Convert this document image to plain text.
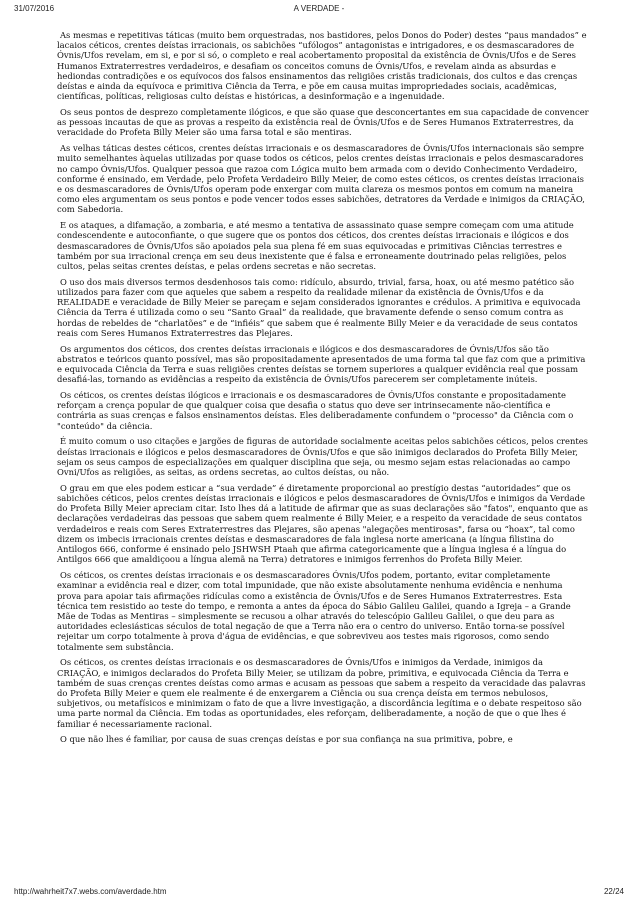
31/07/2016	A VERDADE -

As mesmas e repetitivas táticas (muito bem orquestradas, nos bastidores, pelos Donos do Poder) destes “paus mandados” e lacaios céticos, crentes deístas irracionais, os sabichões “ufólogos” antagonistas e intrigadores, e os desmascaradores de Óvnis/Ufos revelam, em si, e por si só, o completo e real acobertamento proposital da existência de Óvnis/Ufos e de Seres Humanos Extraterrestres verdadeiros, e desafiam os conceitos comuns de Óvnis/Ufos, e revelam ainda as absurdas e hediondas contradições e os equívocos dos falsos ensinamentos das religiões cristãs tradicionais, dos cultos e das crenças deístas e ainda da equívoca e primitiva Ciência da Terra, e põe em causa muitas impropriedades sociais, acadêmicas, científicas, políticas, religiosas culto deístas e históricas, a desinformação e a ingenuidade.

Os seus pontos de desprezo completamente ilógicos, e que são quase que desconcertantes em sua capacidade de convencer as pessoas incautas de que as provas a respeito da existência real de Óvnis/Ufos e de Seres Humanos Extraterrestres, da veracidade do Profeta Billy Meier são uma farsa total e são mentiras.

As velhas táticas destes céticos, crentes deístas irracionais e os desmascaradores de Óvnis/Ufos internacionais são sempre muito semelhantes àquelas utilizadas por quase todos os céticos, pelos crentes deístas irracionais e pelos desmascaradores no campo Óvnis/Ufos. Qualquer pessoa que razoa com Lógica muito bem armada com o devido Conhecimento Verdadeiro, conforme é ensinado, em Verdade, pelo Profeta Verdadeiro Billy Meier, de como estes céticos, os crentes deístas irracionais e os desmascaradores de Óvnis/Ufos operam pode enxergar com muita clareza os mesmos pontos em comum na maneira como eles argumentam os seus pontos e pode vencer todos esses sabichões, detratores da Verdade e inimigos da CRIAÇÃO, com Sabedoria.

E os ataques, a difamação, a zombaria, e até mesmo a tentativa de assassinato quase sempre começam com uma atitude condescendente e autoconfiante, o que sugere que os pontos dos céticos, dos crentes deístas irracionais e ilógicos e dos desmascaradores de Óvnis/Ufos são apoiados pela sua plena fé em suas equivocadas e primitivas Ciências terrestres e também por sua irracional crença em seu deus inexistente que é falsa e erroneamente doutrinado pelas religiões, pelos cultos, pelas seitas crentes deístas, e pelas ordens secretas e não secretas.

O uso dos mais diversos termos desdenhosos tais como: ridículo, absurdo, trivial, farsa, hoax, ou até mesmo patético são utilizados para fazer com que aqueles que sabem a respeito da realidade milenar da existência de Óvnis/Ufos e da REALIDADE e veracidade de Billy Meier se pareçam e sejam considerados ignorantes e crédulos. A primitiva e equivocada Ciência da Terra é utilizada como o seu “Santo Graal” da realidade, que bravamente defende o senso comum contra as hordas de rebeldes de “charlatões” e de “infiéis” que sabem que é realmente Billy Meier e da veracidade de seus contatos reais com Seres Humanos Extraterrestres das Plejares.

Os argumentos dos céticos, dos crentes deístas irracionais e ilógicos e dos desmascaradores de Óvnis/Ufos são tão abstratos e teóricos quanto possível, mas são propositadamente apresentados de uma forma tal que faz com que a primitiva e equivocada Ciência da Terra e suas religiões crentes deístas se tornem superiores a qualquer evidência real que possam desafiá-las, tornando as evidências a respeito da existência de Óvnis/Ufos parecerem ser completamente inúteis.

Os céticos, os crentes deístas ilógicos e irracionais e os desmascaradores de Óvnis/Ufos constante e propositadamente reforçam a crença popular de que qualquer coisa que desafia o status quo deve ser intrinsecamente não-científica e contrária as suas crenças e falsos ensinamentos deístas. Eles deliberadamente confundem o "processo" da Ciência com o "conteúdo" da ciência.

É muito comum o uso citações e jargões de figuras de autoridade socialmente aceitas pelos sabichões céticos, pelos crentes deístas irracionais e ilógicos e pelos desmascaradores de Óvnis/Ufos e que são inimigos declarados do Profeta Billy Meier, sejam os seus campos de especializações em qualquer disciplina que seja, ou mesmo sejam estas relacionadas ao campo Ovni/Ufos as religiões, as seitas, as ordens secretas, ao cultos deístas, ou não.

O grau em que eles podem esticar a “sua verdade” é diretamente proporcional ao prestígio destas “autoridades” que os sabichões céticos, pelos crentes deístas irracionais e ilógicos e pelos desmascaradores de Óvnis/Ufos e inimigos da Verdade do Profeta Billy Meier apreciam citar. Isto lhes dá a latitude de afirmar que as suas declarações são "fatos", enquanto que as declarações verdadeiras das pessoas que sabem quem realmente é Billy Meier, e a respeito da veracidade de seus contatos verdadeiros e reais com Seres Extraterrestres das Plejares, são apenas "alegações mentirosas", farsa ou “hoax”, tal como dizem os imbecis irracionais crentes deístas e desmascaradores de fala inglesa norte americana (a língua filistina do Antilogos 666, conforme é ensinado pelo JSHWSH Ptaah que afirma categoricamente que a língua inglesa é a língua do Antilgos 666 que amaldiçoou a língua alemã na Terra) detratores e inimigos ferrenhos do Profeta Billy Meier.

Os céticos, os crentes deístas irracionais e os desmascaradores Óvnis/Ufos podem, portanto, evitar completamente examinar a evidência real e dizer, com total impunidade, que não existe absolutamente nenhuma evidência e nenhuma prova para apoiar tais afirmações ridículas como a existência de Óvnis/Ufos e de Seres Humanos Extraterrestres. Esta técnica tem resistido ao teste do tempo, e remonta a antes da época do Sábio Galileu Galilei, quando a Igreja – a Grande Mãe de Todas as Mentiras – simplesmente se recusou a olhar através do telescópio Galileu Galilei, o que deu para as autoridades eclesiásticas séculos de total negação de que a Terra não era o centro do universo. Então torna-se possível rejeitar um corpo totalmente à prova d'água de evidências, e que sobreviveu aos testes mais rigorosos, como sendo totalmente sem substância.

Os céticos, os crentes deístas irracionais e os desmascaradores de Óvnis/Ufos e inimigos da Verdade, inimigos da CRIAÇÃO, e inimigos declarados do Profeta Billy Meier, se utilizam da pobre, primitiva, e equivocada Ciência da Terra e também de suas crenças crentes deístas como armas e acusam as pessoas que sabem a respeito da veracidade das palavras do Profeta Billy Meier e quem ele realmente é de enxergarem a Ciência ou sua crença deísta em termos nebulosos, subjetivos, ou metafísicos e minimizam o fato de que a livre investigação, a discordância legítima e o debate respeitoso são uma parte normal da Ciência. Em todas as oportunidades, eles reforçam, deliberadamente, a noção de que o que lhes é familiar é necessariamente racional.

O que não lhes é familiar, por causa de suas crenças deístas e por sua confiança na sua primitiva, pobre, e

http://wahrheit7x7.webs.com/averdade.htm	22/24
